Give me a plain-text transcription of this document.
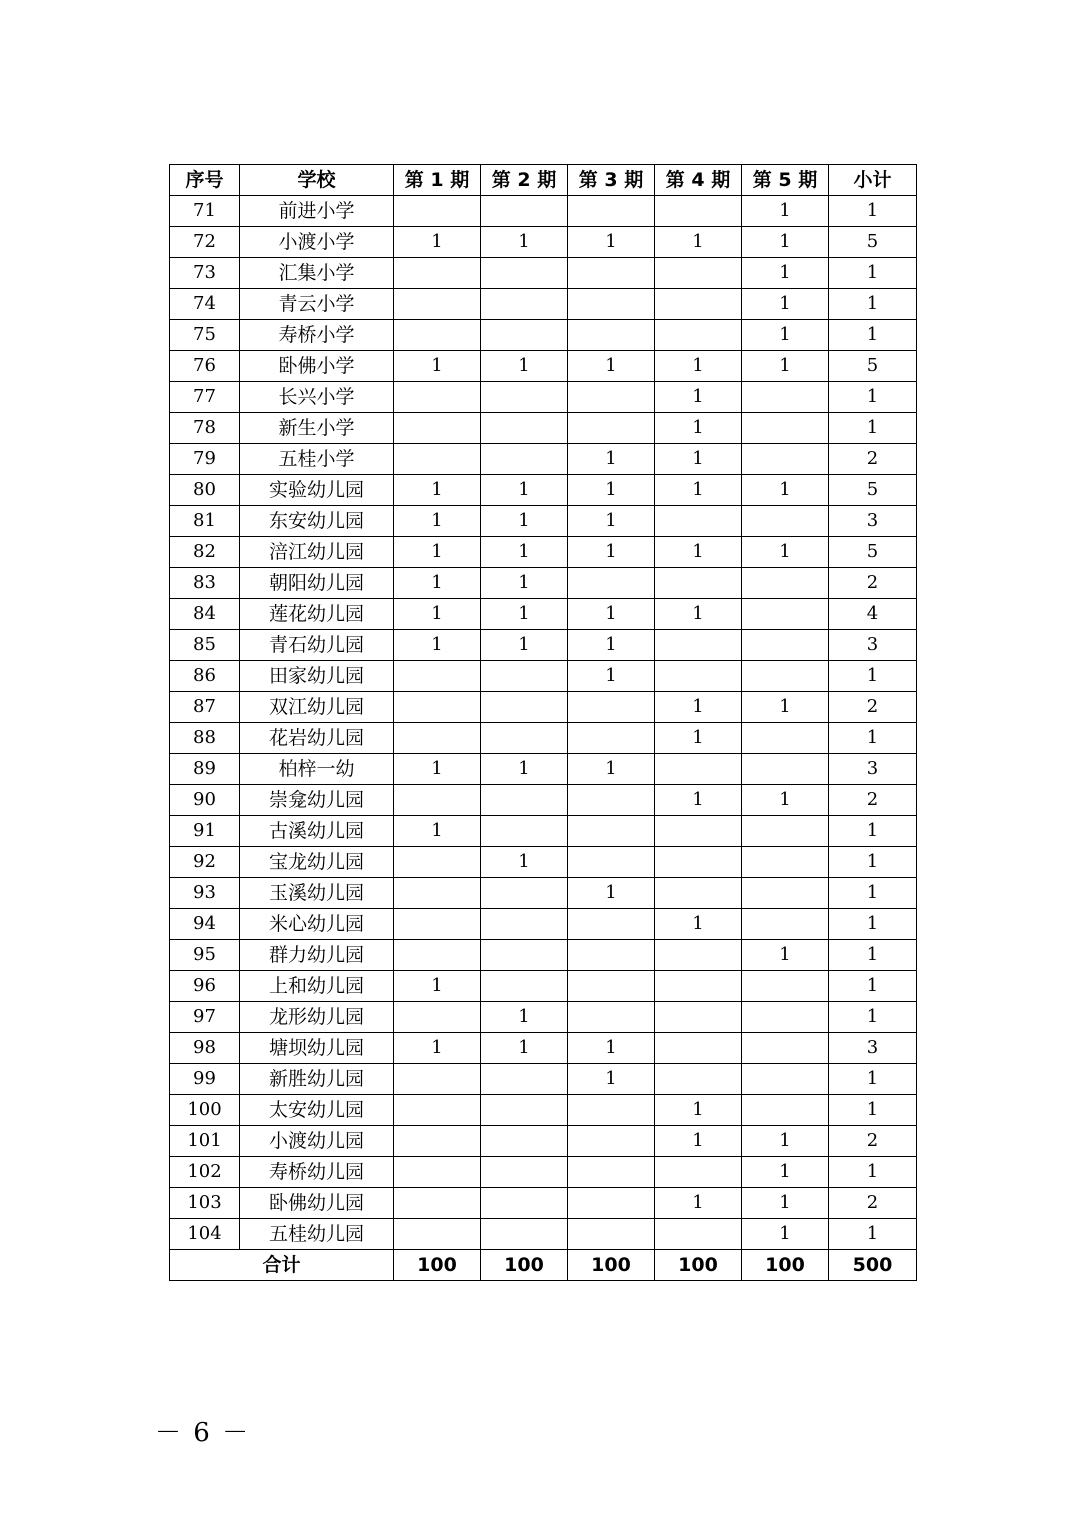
序号	学校	第 1 期	第 2 期	第 3 期	第 4 期	第 5 期	小计
71	前进小学					1	1
72	小渡小学	1	1	1	1	1	5
73	汇集小学					1	1
74	青云小学					1	1
75	寿桥小学					1	1
76	卧佛小学	1	1	1	1	1	5
77	长兴小学				1		1
78	新生小学				1		1
79	五桂小学			1	1		2
80	实验幼儿园	1	1	1	1	1	5
81	东安幼儿园	1	1	1			3
82	涪江幼儿园	1	1	1	1	1	5
83	朝阳幼儿园	1	1				2
84	莲花幼儿园	1	1	1	1		4
85	青石幼儿园	1	1	1			3
86	田家幼儿园			1			1
87	双江幼儿园				1	1	2
88	花岩幼儿园				1		1
89	柏梓一幼	1	1	1			3
90	崇龛幼儿园				1	1	2
91	古溪幼儿园	1					1
92	宝龙幼儿园		1				1
93	玉溪幼儿园			1			1
94	米心幼儿园				1		1
95	群力幼儿园					1	1
96	上和幼儿园	1					1
97	龙形幼儿园		1				1
98	塘坝幼儿园	1	1	1			3
99	新胜幼儿园			1			1
100	太安幼儿园				1		1
101	小渡幼儿园				1	1	2
102	寿桥幼儿园					1	1
103	卧佛幼儿园				1	1	2
104	五桂幼儿园					1	1
合计		100	100	100	100	100	500
－ 6 －
